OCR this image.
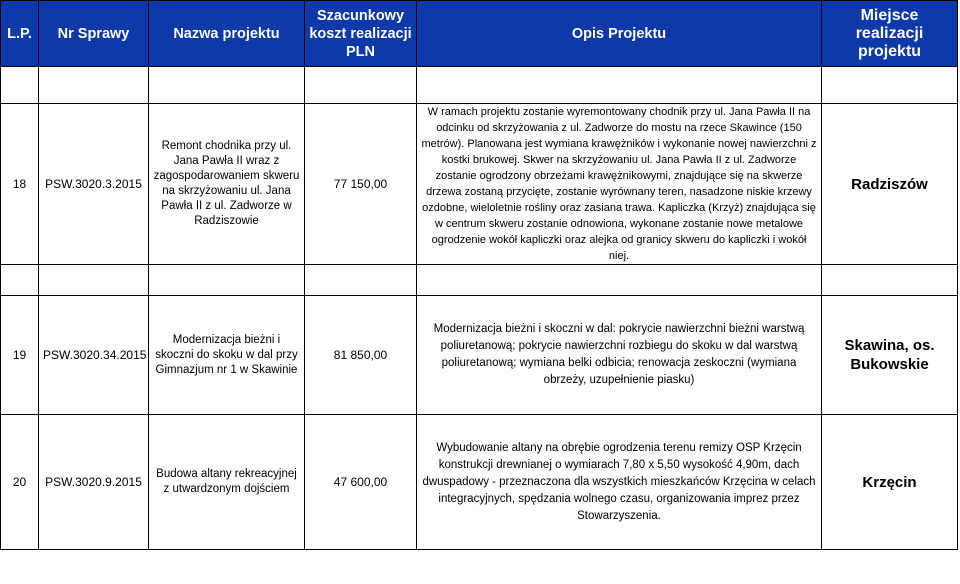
L.P.	Nr Sprawy	Nazwa projektu	Szacunkowy koszt realizacji PLN	Opis Projektu	Miejsce realizacji projektu

18	PSW.3020.3.2015	Remont chodnika przy ul. Jana Pawła II wraz z zagospodarowaniem skweru na skrzyżowaniu ul. Jana Pawła II z ul. Zadworze w Radziszowie	77 150,00	W ramach projektu zostanie wyremontowany chodnik przy ul. Jana Pawła II na odcinku od skrzyżowania z ul. Zadworze do mostu na rzece Skawince (150 metrów). Planowana jest wymiana krawężników i wykonanie nowej nawierzchni z kostki brukowej. Skwer na skrzyżowaniu ul. Jana Pawła II z ul. Zadworze zostanie ogrodzony obrzeżami krawężnikowymi, znajdujące się na skwerze drzewa zostaną przycięte, zostanie wyrównany teren, nasadzone niskie krzewy ozdobne, wieloletnie rośliny oraz zasiana trawa. Kapliczka (Krzyż) znajdująca się w centrum skweru zostanie odnowiona, wykonane zostanie nowe metalowe ogrodzenie wokół kapliczki oraz alejka od granicy skweru do kapliczki i wokół niej.	Radziszów

19	PSW.3020.34.2015	Modernizacja bieżni i skoczni do skoku w dal przy Gimnazjum nr 1 w Skawinie	81 850,00	Modernizacja bieżni i skoczni w dal: pokrycie nawierzchni bieżni warstwą poliuretanową; pokrycie nawierzchni rozbiegu do skoku w dal warstwą poliuretanową; wymiana belki odbicia; renowacja zeskoczni (wymiana obrzeży, uzupełnienie piasku)	Skawina, os. Bukowskie
20	PSW.3020.9.2015	Budowa altany rekreacyjnej z utwardzonym dojściem	47 600,00	Wybudowanie altany na obrębie ogrodzenia terenu remizy OSP Krzęcin konstrukcji drewnianej o wymiarach 7,80 x 5,50 wysokość 4,90m, dach dwuspadowy - przeznaczona dla wszystkich mieszkańców Krzęcina w celach integracyjnych, spędzania wolnego czasu, organizowania imprez przez Stowarzyszenia.	Krzęcin
